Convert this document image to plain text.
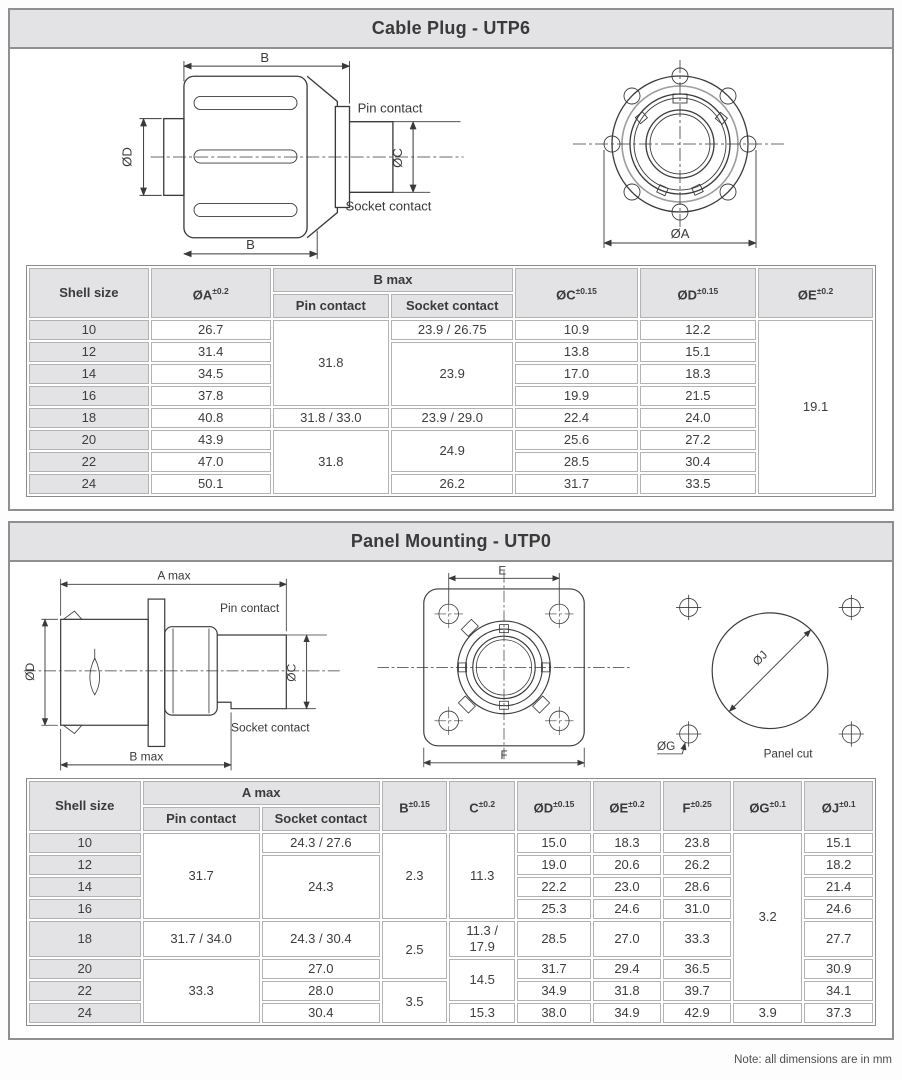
Cable Plug - UTP6
B
B
ØD	ØC
Pin contact
Socket contact
ØA
Shell size	$ØA^{\pm 0.2}$	B max		$ØC^{\pm 0.15}$	$ØD^{\pm 0.15}$	$ØE^{\pm 0.2}$
		Pin contact	Socket contact			
10	26.7	31.8	23.9 / 26.75	10.9	12.2	19.1
12	31.4		23.9	13.8	15.1	
14	34.5			17.0	18.3	
16	37.8			19.9	21.5	
18	40.8	31.8 / 33.0	23.9 / 29.0	22.4	24.0	
20	43.9	31.8	24.9	25.6	27.2	
22	47.0			28.5	30.4	
24	50.1		26.2	31.7	33.5	
Panel Mounting - UTP0
A max
B max
ØD	ØC
Pin contact
Socket contact
E
F
ØJ
ØG
Panel cut
Shell size	A max		$B^{\pm 0.15}$	$C^{\pm 0.2}$	$ØD^{\pm 0.15}$	$ØE^{\pm 0.2}$	$F^{\pm 0.25}$	$ØG^{\pm 0.1}$	$ØJ^{\pm 0.1}$
	Pin contact	Socket contact							
10	31.7	24.3 / 27.6	2.3	11.3	15.0	18.3	23.8	3.2	15.1
12		24.3			19.0	20.6	26.2		18.2
14					22.2	23.0	28.6		21.4
16					25.3	24.6	31.0		24.6
18	31.7 / 34.0	24.3 / 30.4	2.5	11.3 / 17.9	28.5	27.0	33.3		27.7
20	33.3	27.0		14.5	31.7	29.4	36.5		30.9
22		28.0	3.5		34.9	31.8	39.7		34.1
24		30.4		15.3	38.0	34.9	42.9	3.9	37.3
Note: all dimensions are in mm
